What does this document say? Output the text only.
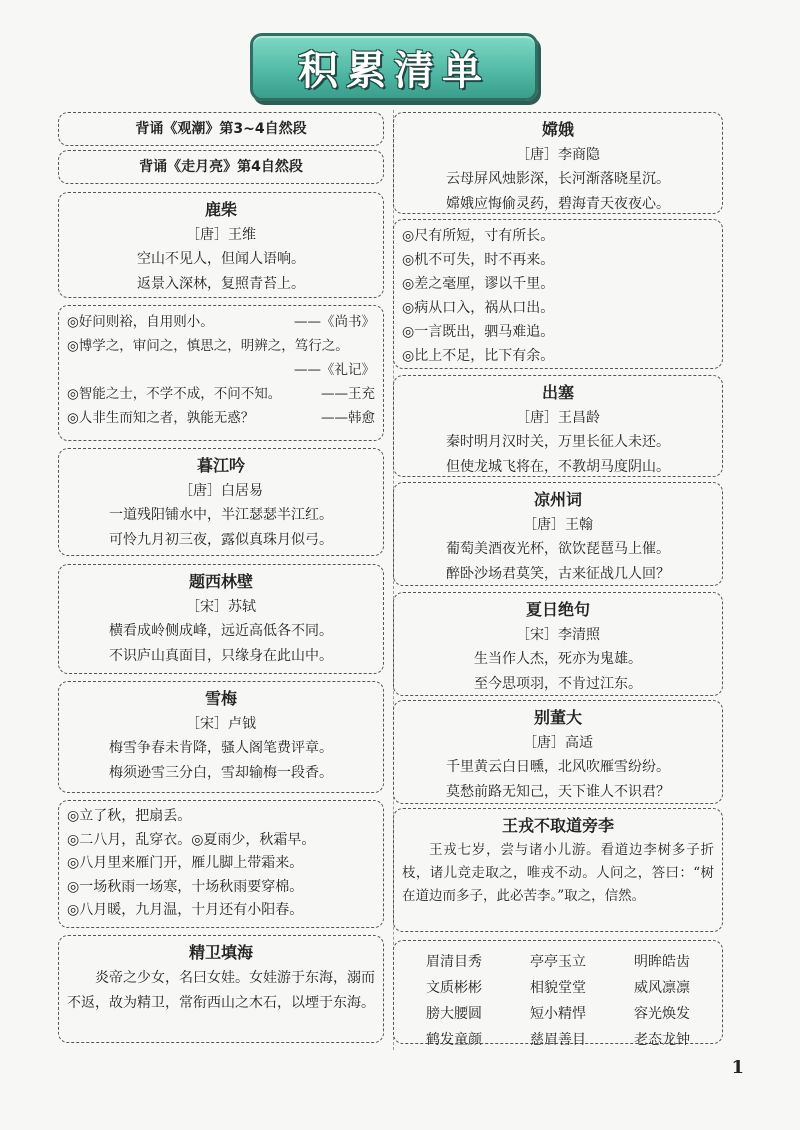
积累清单
背诵《观潮》第3~4自然段
背诵《走月亮》第4自然段
鹿柴
［唐］王维
空山不见人，但闻人语响。
返景入深林，复照青苔上。
◎好问则裕，自用则小。	——《尚书》
◎博学之，审问之，慎思之，明辨之，笃行之。
——《礼记》
◎智能之士，不学不成，不问不知。	——王充
◎人非生而知之者，孰能无惑？	——韩愈
暮江吟
［唐］白居易
一道残阳铺水中，半江瑟瑟半江红。
可怜九月初三夜，露似真珠月似弓。
题西林壁
［宋］苏轼
横看成岭侧成峰，远近高低各不同。
不识庐山真面目，只缘身在此山中。
雪梅
［宋］卢钺
梅雪争春未肯降，骚人阁笔费评章。
梅须逊雪三分白，雪却输梅一段香。
◎立了秋，把扇丢。
◎二八月，乱穿衣。◎夏雨少，秋霜早。
◎八月里来雁门开，雁儿脚上带霜来。
◎一场秋雨一场寒，十场秋雨要穿棉。
◎八月暖，九月温，十月还有小阳春。
精卫填海
炎帝之少女，名曰女娃。女娃游于东海，溺而不返，故为精卫，常衔西山之木石，以堙于东海。
嫦娥
［唐］李商隐
云母屏风烛影深，长河渐落晓星沉。
嫦娥应悔偷灵药，碧海青天夜夜心。
◎尺有所短，寸有所长。
◎机不可失，时不再来。
◎差之毫厘，谬以千里。
◎病从口入，祸从口出。
◎一言既出，驷马难追。
◎比上不足，比下有余。
出塞
［唐］王昌龄
秦时明月汉时关，万里长征人未还。
但使龙城飞将在，不教胡马度阴山。
凉州词
［唐］王翰
葡萄美酒夜光杯，欲饮琵琶马上催。
醉卧沙场君莫笑，古来征战几人回？
夏日绝句
［宋］李清照
生当作人杰，死亦为鬼雄。
至今思项羽，不肯过江东。
别董大
［唐］高适
千里黄云白日曛，北风吹雁雪纷纷。
莫愁前路无知己，天下谁人不识君？
王戎不取道旁李
王戎七岁，尝与诸小儿游。看道边李树多子折枝，诸儿竞走取之，唯戎不动。人问之，答曰：“树在道边而多子，此必苦李。”取之，信然。
眉清目秀	亭亭玉立	明眸皓齿
文质彬彬	相貌堂堂	威风凛凛
膀大腰圆	短小精悍	容光焕发
鹤发童颜	慈眉善目	老态龙钟
1
